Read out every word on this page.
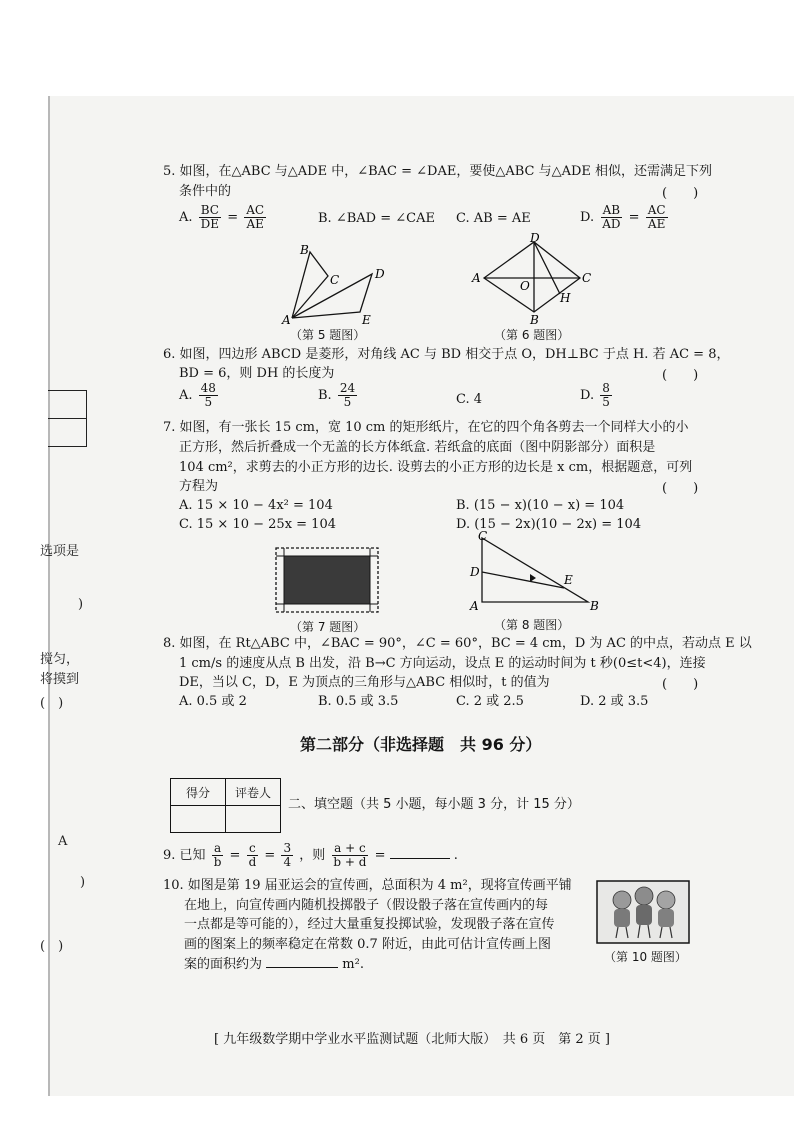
选项是
)
搅匀，
将摸到
(　)
A
)
(　)
5. 如图，在△ABC 与△ADE 中，∠BAC = ∠DAE，要使△ABC 与△ADE 相似，还需满足下列
条件中的	(　　)
A. $\frac{BC}{DE} = \frac{AC}{AE}$	B. ∠BAD = ∠CAE C. AB = AE	D. $\frac{AB}{AD} = \frac{AC}{AE}$
B
C	D
A	E
（第 5 题图）
D
A
O
C
H
B
（第 6 题图）
6. 如图，四边形 ABCD 是菱形，对角线 AC 与 BD 相交于点 O，DH⊥BC 于点 H. 若 AC = 8，
BD = 6，则 DH 的长度为	(　　)
A. $\frac{48}{5}$	B. $\frac{24}{5}$	C. 4	D. $\frac{8}{5}$
7. 如图，有一张长 15 cm，宽 10 cm 的矩形纸片，在它的四个角各剪去一个同样大小的小
正方形，然后折叠成一个无盖的长方体纸盒. 若纸盒的底面（图中阴影部分）面积是
104 cm²，求剪去的小正方形的边长. 设剪去的小正方形的边长是 x cm，根据题意，可列
方程为	(　　)
A. 15 × 10 − 4x² = 104	B. (15 − x)(10 − x) = 104
C. 15 × 10 − 25x = 104	D. (15 − 2x)(10 − 2x) = 104
（第 7 题图）
C
D
E
A	B
（第 8 题图）
8. 如图，在 Rt△ABC 中，∠BAC = 90°，∠C = 60°，BC = 4 cm，D 为 AC 的中点，若动点 E 以
1 cm/s 的速度从点 B 出发，沿 B→C 方向运动，设点 E 的运动时间为 t 秒(0≤t<4)，连接
DE，当以 C，D，E 为顶点的三角形与△ABC 相似时，t 的值为	(　　)
A. 0.5 或 2	B. 0.5 或 3.5	C. 2 或 2.5	D. 2 或 3.5
第二部分（非选择题　共 96 分）
得分	评卷人

二、填空题（共 5 小题，每小题 3 分，计 15 分）
9. 已知 $\frac{a}{b} = \frac{c}{d} = \frac{3}{4}$ ，则 $\frac{a + c}{b + d}$ =	.
10. 如图是第 19 届亚运会的宣传画，总面积为 4 m²，现将宣传画平铺
在地上，向宣传画内随机投掷骰子（假设骰子落在宣传画内的每
一点都是等可能的），经过大量重复投掷试验，发现骰子落在宣传
画的图案上的频率稳定在常数 0.7 附近，由此可估计宣传画上图
案的面积约为	m².	（第 10 题图）
[ 九年级数学期中学业水平监测试题（北师大版）　共 6 页　第 2 页 ]
